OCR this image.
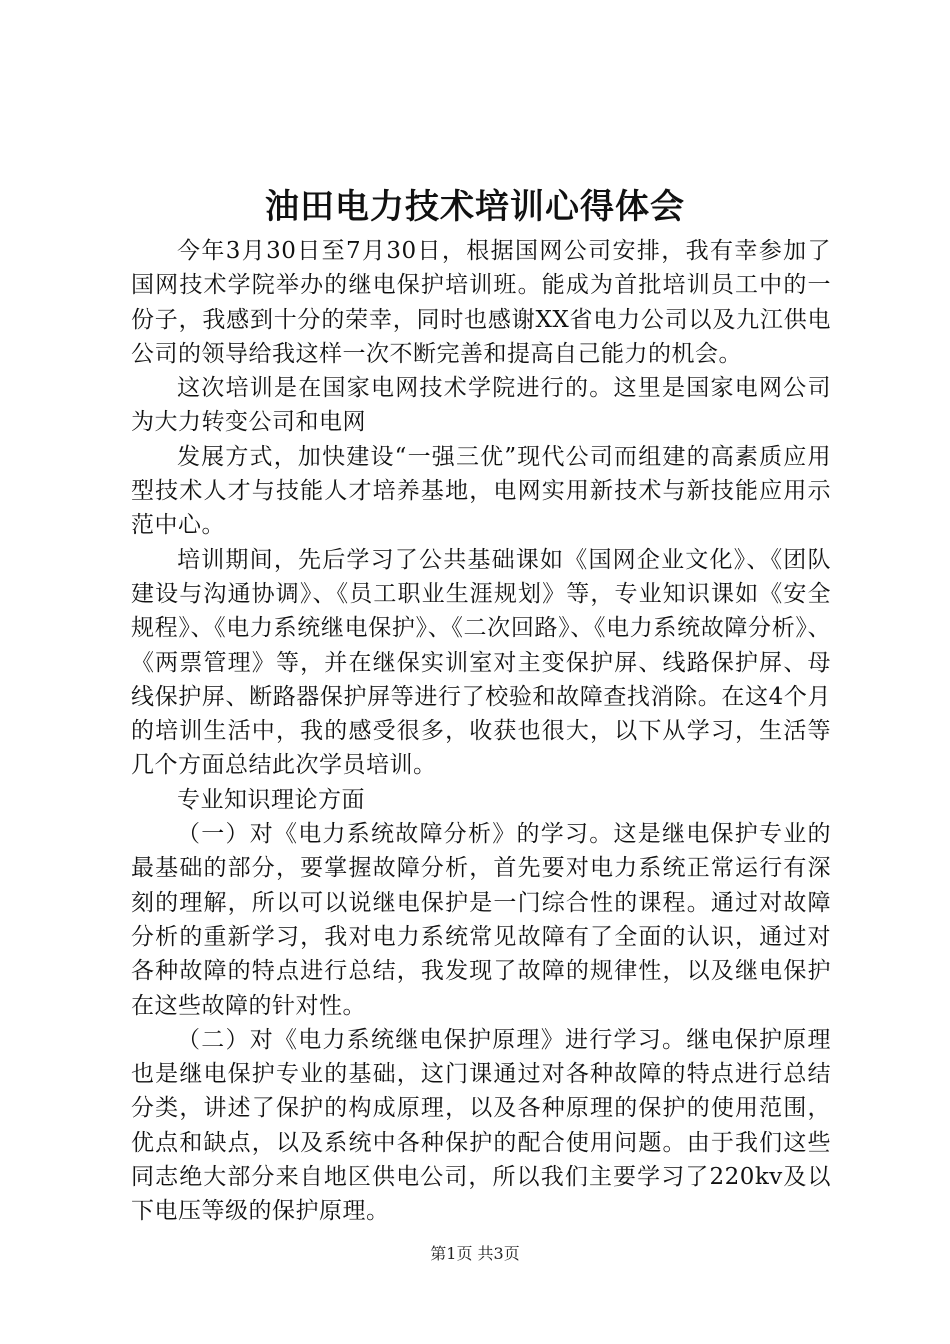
油田电力技术培训心得体会

今年3月30日至7月30日，根据国网公司安排，我有幸参加了国网技术学院举办的继电保护培训班。能成为首批培训员工中的一份子，我感到十分的荣幸，同时也感谢XX省电力公司以及九江供电公司的领导给我这样一次不断完善和提高自己能力的机会。

这次培训是在国家电网技术学院进行的。这里是国家电网公司为大力转变公司和电网

发展方式，加快建设“一强三优”现代公司而组建的高素质应用型技术人才与技能人才培养基地，电网实用新技术与新技能应用示范中心。

培训期间，先后学习了公共基础课如《国网企业文化》、《团队建设与沟通协调》、《员工职业生涯规划》等，专业知识课如《安全规程》、《电力系统继电保护》、《二次回路》、《电力系统故障分析》、《两票管理》等，并在继保实训室对主变保护屏、线路保护屏、母线保护屏、断路器保护屏等进行了校验和故障查找消除。在这4个月的培训生活中，我的感受很多，收获也很大，以下从学习，生活等几个方面总结此次学员培训。

专业知识理论方面

（一）对《电力系统故障分析》的学习。这是继电保护专业的最基础的部分，要掌握故障分析，首先要对电力系统正常运行有深刻的理解，所以可以说继电保护是一门综合性的课程。通过对故障分析的重新学习，我对电力系统常见故障有了全面的认识，通过对各种故障的特点进行总结，我发现了故障的规律性，以及继电保护在这些故障的针对性。

（二）对《电力系统继电保护原理》进行学习。继电保护原理也是继电保护专业的基础，这门课通过对各种故障的特点进行总结分类，讲述了保护的构成原理，以及各种原理的保护的使用范围，优点和缺点，以及系统中各种保护的配合使用问题。由于我们这些同志绝大部分来自地区供电公司，所以我们主要学习了220kv及以下电压等级的保护原理。

第1页 共3页
